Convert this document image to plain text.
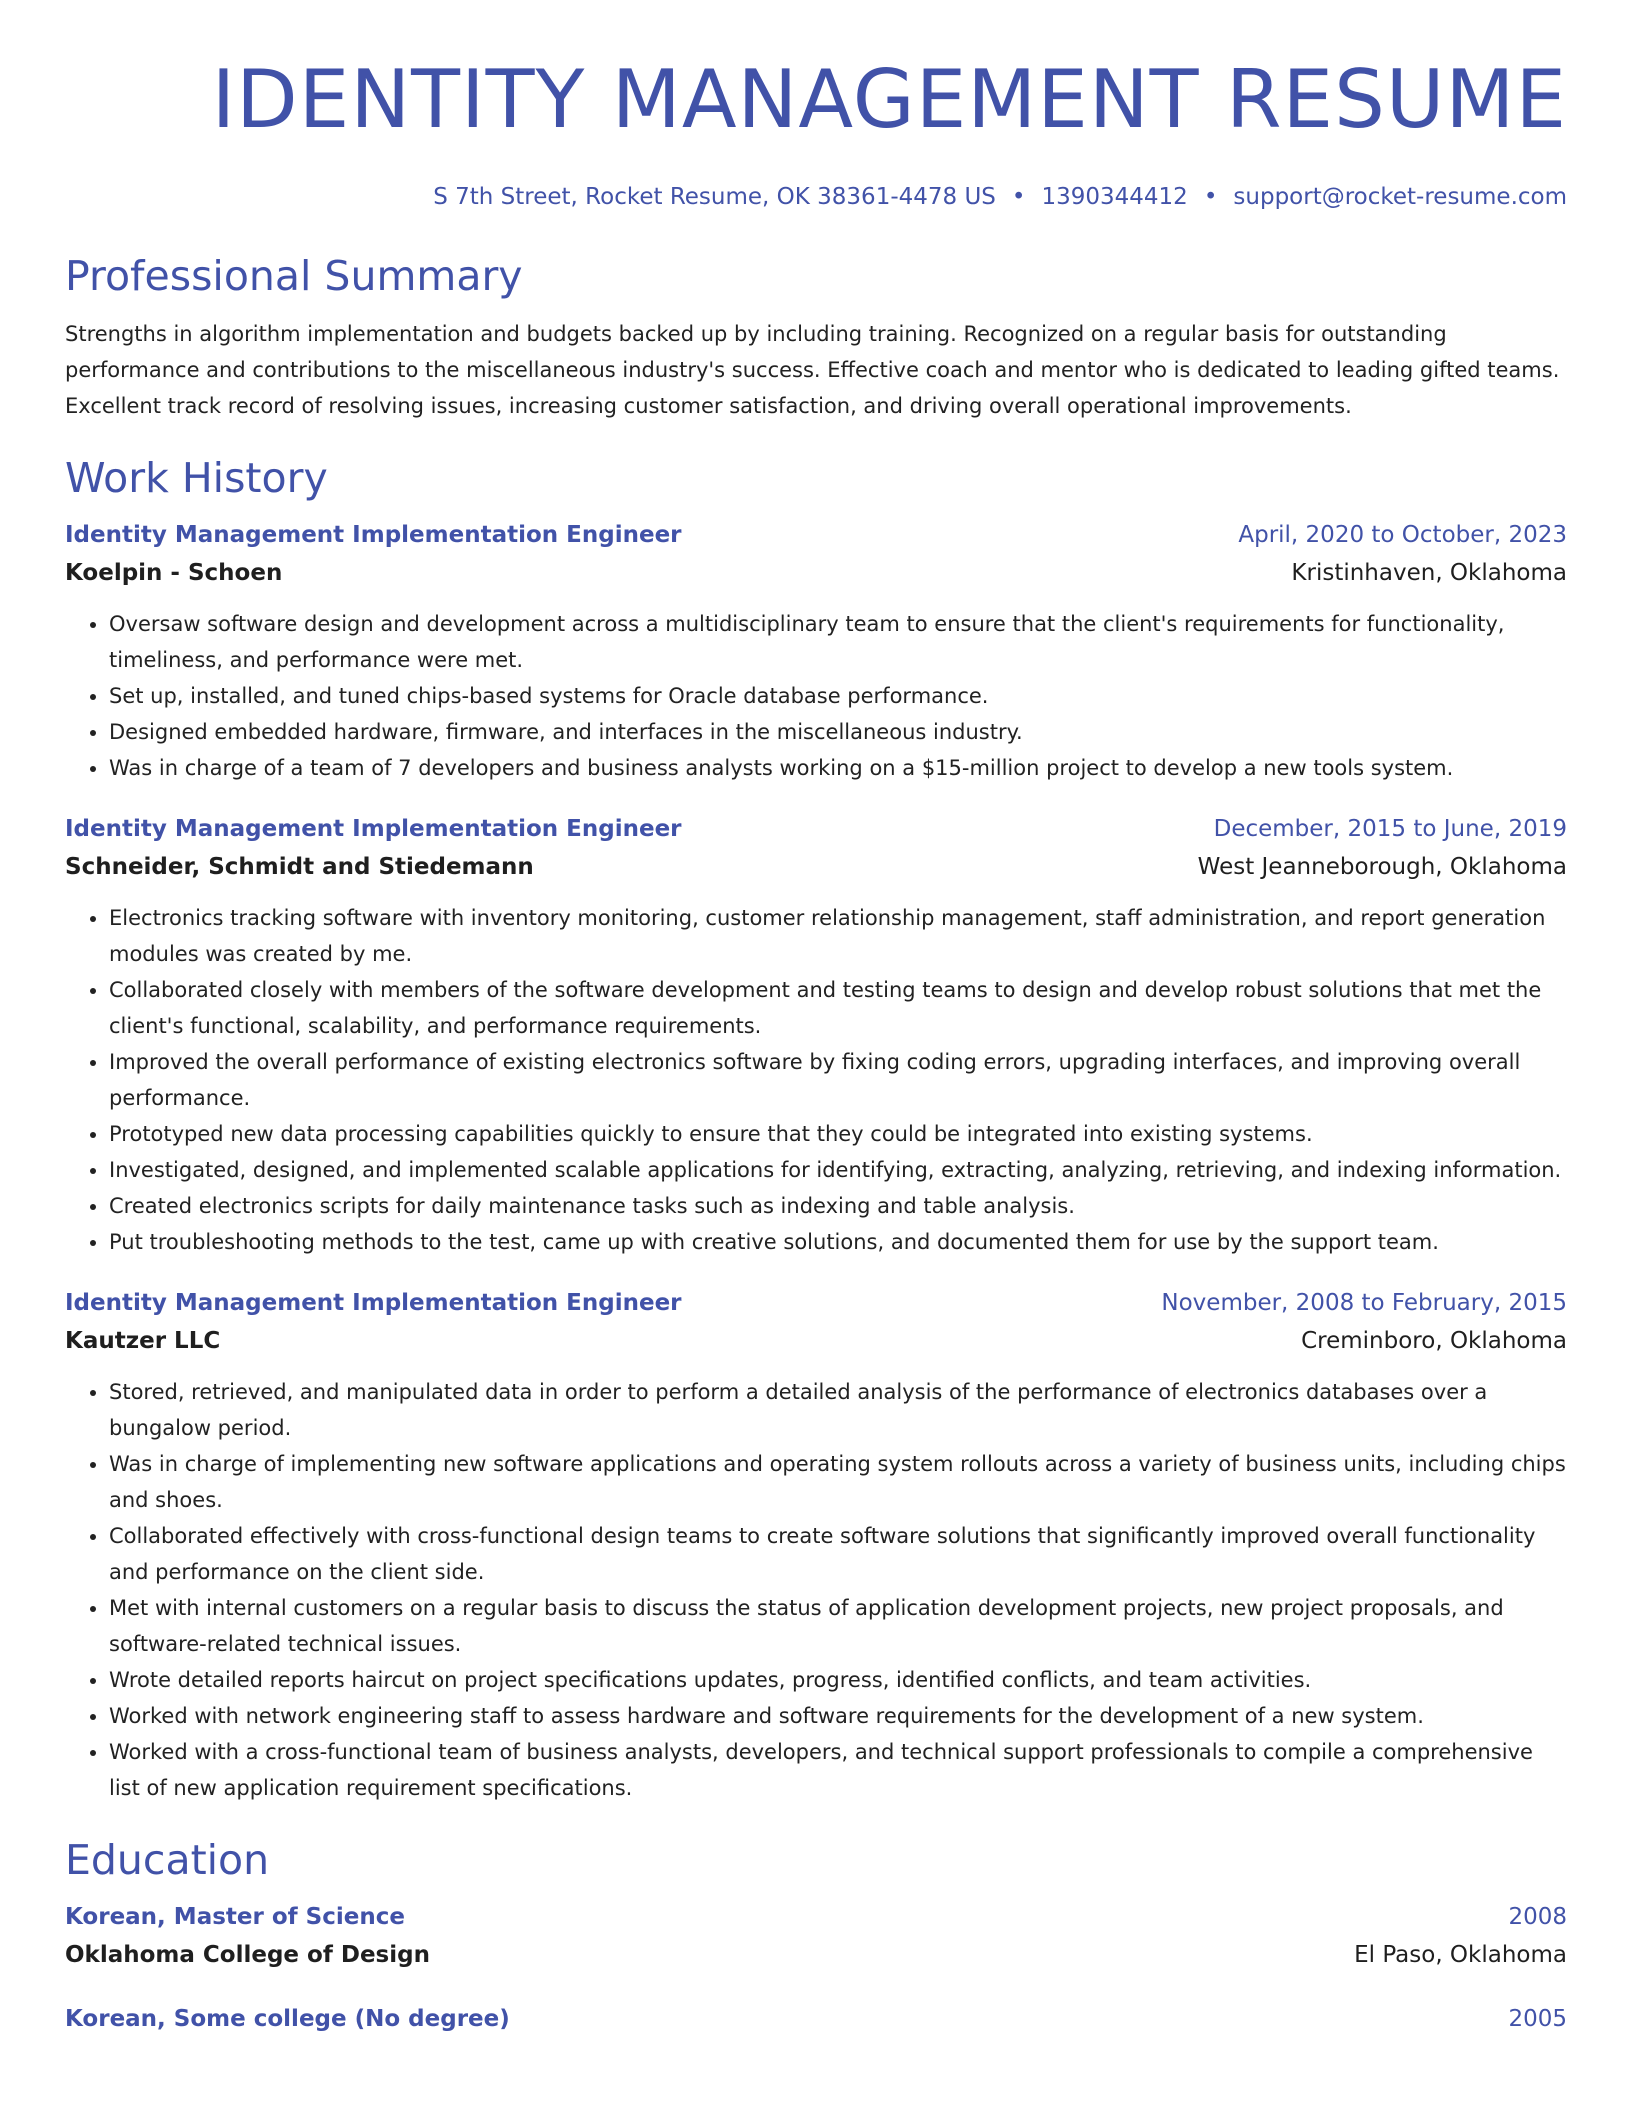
IDENTITY MANAGEMENT RESUME
S 7th Street, Rocket Resume, OK 38361-4478 US • 1390344412 • support@rocket-resume.com
Professional Summary

Strengths in algorithm implementation and budgets backed up by including training. Recognized on a regular basis for outstanding performance and contributions to the miscellaneous industry's success. Effective coach and mentor who is dedicated to leading gifted teams. Excellent track record of resolving issues, increasing customer satisfaction, and driving overall operational improvements.

Work History
Identity Management Implementation Engineer	April, 2020 to October, 2023
Koelpin - Schoen	Kristinhaven, Oklahoma
• Oversaw software design and development across a multidisciplinary team to ensure that the client's requirements for functionality, timeliness, and performance were met.
• Set up, installed, and tuned chips-based systems for Oracle database performance.
• Designed embedded hardware, firmware, and interfaces in the miscellaneous industry.
• Was in charge of a team of 7 developers and business analysts working on a $15-million project to develop a new tools system.
Identity Management Implementation Engineer	December, 2015 to June, 2019
Schneider, Schmidt and Stiedemann	West Jeanneborough, Oklahoma
• Electronics tracking software with inventory monitoring, customer relationship management, staff administration, and report generation modules was created by me.
• Collaborated closely with members of the software development and testing teams to design and develop robust solutions that met the client's functional, scalability, and performance requirements.
• Improved the overall performance of existing electronics software by fixing coding errors, upgrading interfaces, and improving overall performance.
• Prototyped new data processing capabilities quickly to ensure that they could be integrated into existing systems.
• Investigated, designed, and implemented scalable applications for identifying, extracting, analyzing, retrieving, and indexing information.
• Created electronics scripts for daily maintenance tasks such as indexing and table analysis.
• Put troubleshooting methods to the test, came up with creative solutions, and documented them for use by the support team.
Identity Management Implementation Engineer	November, 2008 to February, 2015
Kautzer LLC	Creminboro, Oklahoma
• Stored, retrieved, and manipulated data in order to perform a detailed analysis of the performance of electronics databases over a bungalow period.
• Was in charge of implementing new software applications and operating system rollouts across a variety of business units, including chips and shoes.
• Collaborated effectively with cross-functional design teams to create software solutions that significantly improved overall functionality and performance on the client side.
• Met with internal customers on a regular basis to discuss the status of application development projects, new project proposals, and software-related technical issues.
• Wrote detailed reports haircut on project specifications updates, progress, identified conflicts, and team activities.
• Worked with network engineering staff to assess hardware and software requirements for the development of a new system.
• Worked with a cross-functional team of business analysts, developers, and technical support professionals to compile a comprehensive list of new application requirement specifications.
Education
Korean, Master of Science	2008
Oklahoma College of Design	El Paso, Oklahoma
Korean, Some college (No degree)	2005
